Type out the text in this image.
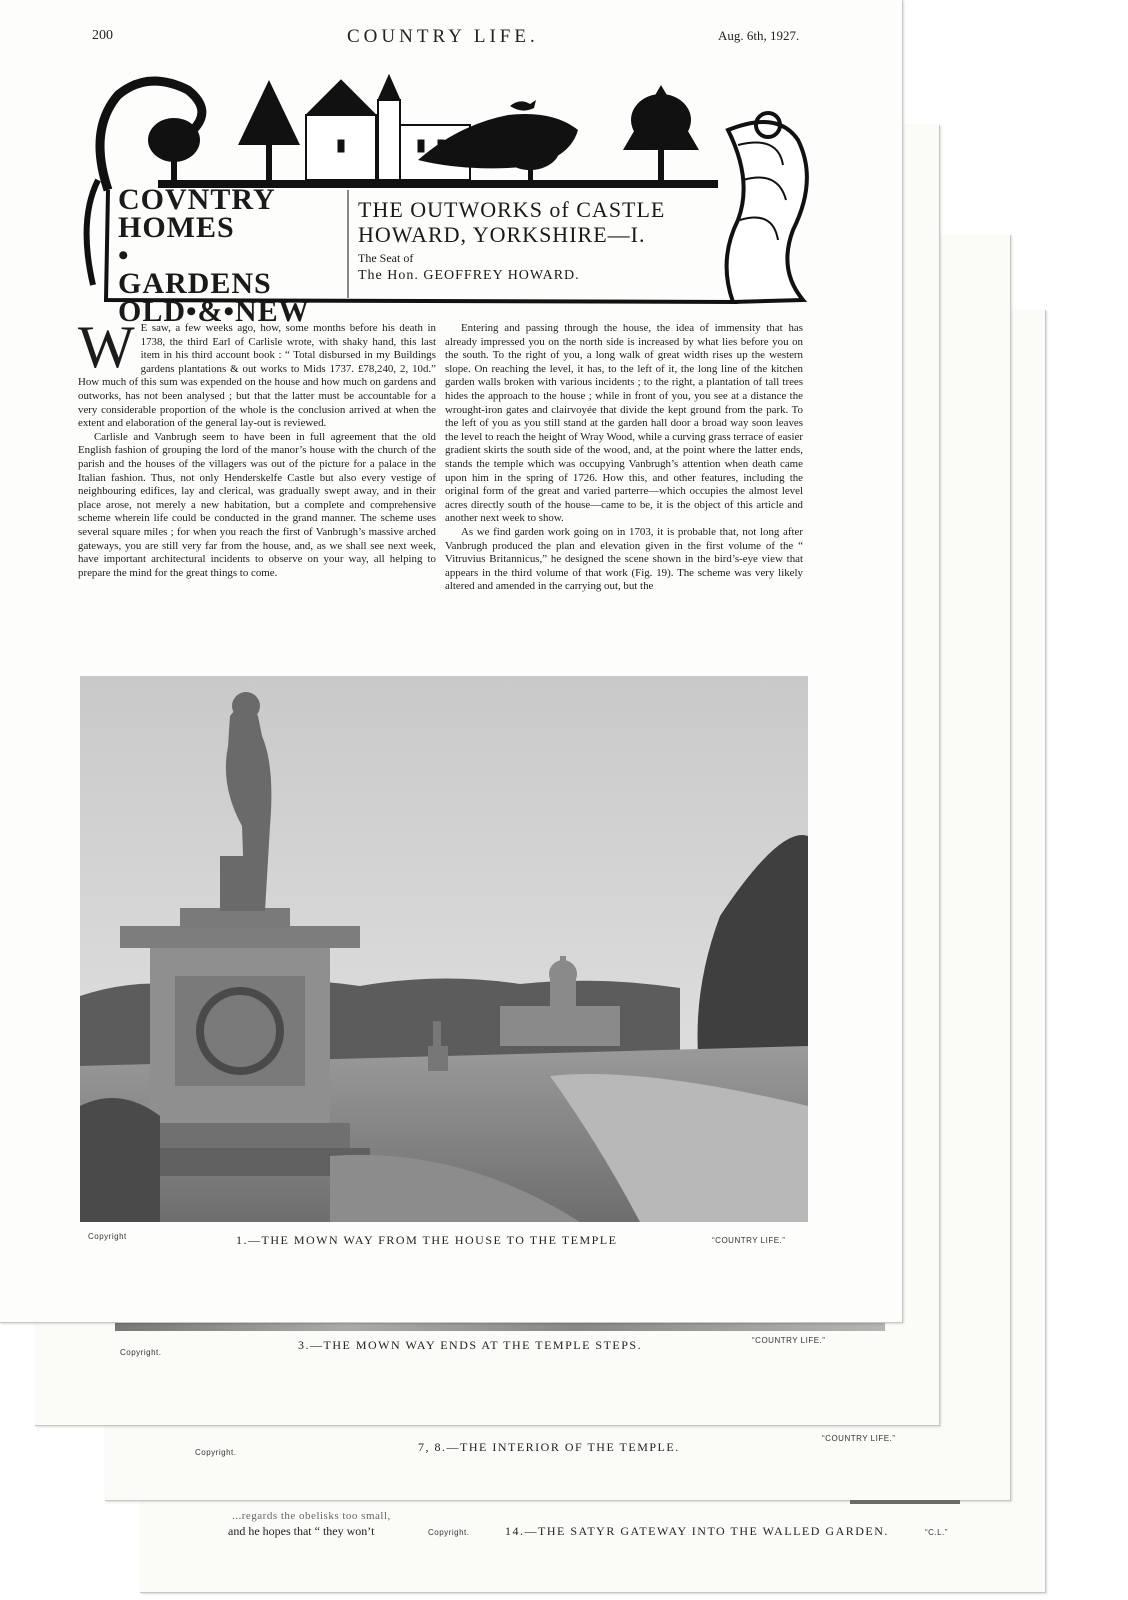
...regards the obelisks too small,
and he hopes that “ they won’t	Copyright.	14.—THE SATYR GATEWAY INTO THE WALLED GARDEN.	“C.L.”
Copyright.	7, 8.—THE INTERIOR OF THE TEMPLE.
“COUNTRY LIFE.”
Copyright.
3.—THE MOWN WAY ENDS AT THE TEMPLE STEPS.	“COUNTRY LIFE.”
200	COUNTRY LIFE.	Aug. 6th, 1927.
COVNTRY HOMES • GARDENS OLD•&•NEW
THE OUTWORKS of CASTLE
HOWARD, YORKSHIRE—I.
The Seat of
The Hon. GEOFFREY HOWARD.

W E saw, a few weeks ago, how, some months before his death in 1738, the third Earl of Carlisle wrote, with shaky hand, this last item in his third account book : “ Total disbursed in my Buildings gardens plantations & out works to Mids 1737. £78,240, 2, 10d.” How much of this sum was expended on the house and how much on gardens and outworks, has not been analysed ; but that the latter must be accountable for a very considerable proportion of the whole is the conclusion arrived at when the extent and elaboration of the general lay-out is reviewed.

Carlisle and Vanbrugh seem to have been in full agreement that the old English fashion of grouping the lord of the manor’s house with the church of the parish and the houses of the villagers was out of the picture for a palace in the Italian fashion. Thus, not only Henderskelfe Castle but also every vestige of neighbouring edifices, lay and clerical, was gradually swept away, and in their place arose, not merely a new habitation, but a complete and comprehensive scheme wherein life could be conducted in the grand manner. The scheme uses several square miles ; for when you reach the first of Vanbrugh’s massive arched gateways, you are still very far from the house, and, as we shall see next week, have important architectural incidents to observe on your way, all helping to prepare the mind for the great things to come.

Entering and passing through the house, the idea of immensity that has already impressed you on the north side is increased by what lies before you on the south. To the right of you, a long walk of great width rises up the western slope. On reaching the level, it has, to the left of it, the long line of the kitchen garden walls broken with various incidents ; to the right, a plantation of tall trees hides the approach to the house ; while in front of you, you see at a distance the wrought-iron gates and clairvoyée that divide the kept ground from the park. To the left of you as you still stand at the garden hall door a broad way soon leaves the level to reach the height of Wray Wood, while a curving grass terrace of easier gradient skirts the south side of the wood, and, at the point where the latter ends, stands the temple which was occupying Vanbrugh’s attention when death came upon him in the spring of 1726. How this, and other features, including the original form of the great and varied parterre—which occupies the almost level acres directly south of the house—came to be, it is the object of this article and another next week to show.

As we find garden work going on in 1703, it is probable that, not long after Vanbrugh produced the plan and elevation given in the first volume of the “ Vitruvius Britannicus,” he designed the scene shown in the bird’s-eye view that appears in the third volume of that work (Fig. 19). The scheme was very likely altered and amended in the carrying out, but the

Copyright	1.—THE MOWN WAY FROM THE HOUSE TO THE TEMPLE	“COUNTRY LIFE.”
